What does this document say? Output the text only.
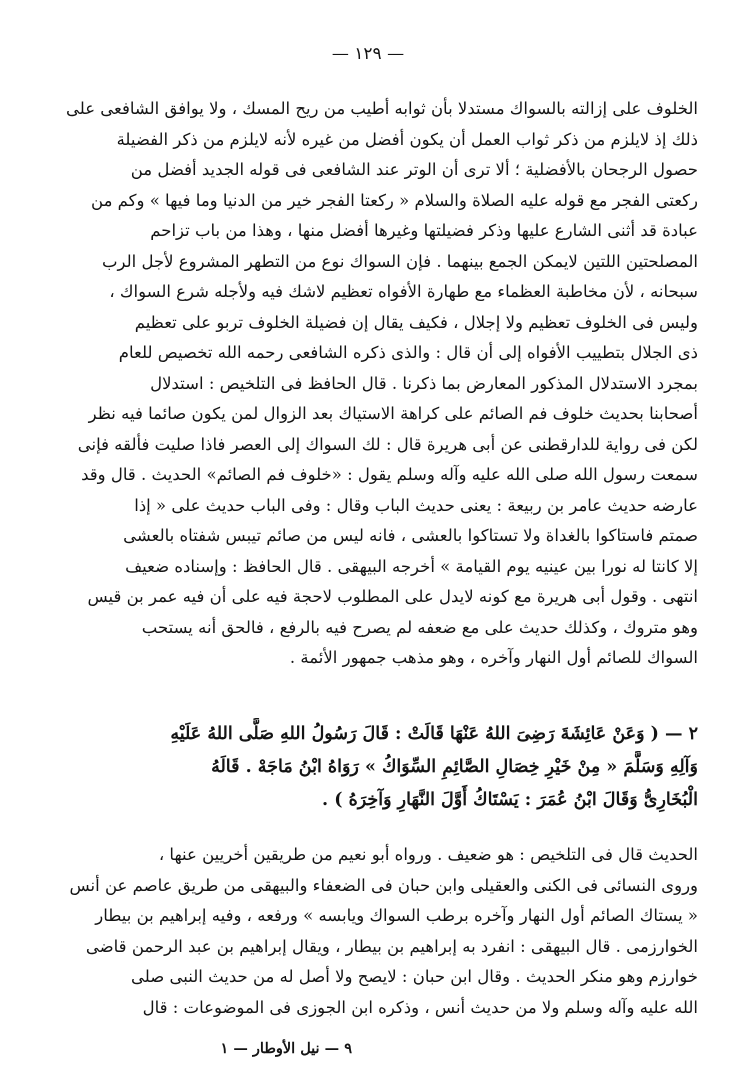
— ١٢٩ —
الخلوف على إزالته بالسواك مستدلا بأن ثوابه أطيب من ريح المسك ، ولا يوافق الشافعى على
ذلك إذ لايلزم من ذكر ثواب العمل أن يكون أفضل من غيره لأنه لايلزم من ذكر الفضيلة
حصول الرجحان بالأفضلية ؛ ألا ترى أن الوتر عند الشافعى فى قوله الجديد أفضل من
ركعتى الفجر مع قوله عليه الصلاة والسلام « ركعتا الفجر خير من الدنيا وما فيها » وكم من
عبادة قد أثنى الشارع عليها وذكر فضيلتها وغيرها أفضل منها ، وهذا من باب تزاحم
المصلحتين اللتين لايمكن الجمع بينهما . فإن السواك نوع من التطهر المشروع لأجل الرب
سبحانه ، لأن مخاطبة العظماء مع طهارة الأفواه تعظيم لاشك فيه ولأجله شرع السواك ،
وليس فى الخلوف تعظيم ولا إجلال ، فكيف يقال إن فضيلة الخلوف تربو على تعظيم
ذى الجلال بتطييب الأفواه إلى أن قال : والذى ذكره الشافعى رحمه الله تخصيص للعام
بمجرد الاستدلال المذكور المعارض بما ذكرنا . قال الحافظ فى التلخيص : استدلال
أصحابنا بحديث خلوف فم الصائم على كراهة الاستياك بعد الزوال لمن يكون صائما فيه نظر
لكن فى رواية للدارقطنى عن أبى هريرة قال : لك السواك إلى العصر فاذا صليت فألقه فإنى
سمعت رسول الله صلى الله عليه وآله وسلم يقول : «خلوف فم الصائم» الحديث . قال وقد
عارضه حديث عامر بن ربيعة : يعنى حديث الباب وقال : وفى الباب حديث على « إذا
صمتم فاستاكوا بالغداة ولا تستاكوا بالعشى ، فانه ليس من صائم تيبس شفتاه بالعشى
إلا كانتا له نورا بين عينيه يوم القيامة » أخرجه البيهقى . قال الحافظ : وإسناده ضعيف
انتهى . وقول أبى هريرة مع كونه لايدل على المطلوب لاحجة فيه على أن فيه عمر بن قيس
وهو متروك ، وكذلك حديث على مع ضعفه لم يصرح فيه بالرفع ، فالحق أنه يستحب
السواك للصائم أول النهار وآخره ، وهو مذهب جمهور الأئمة .
٢ — ( وَعَنْ عَائِشَةَ رَضِىَ اللهُ عَنْهَا قَالَتْ : قَالَ رَسُولُ اللهِ صَلَّى اللهُ عَلَيْهِ
وَآلِهِ وَسَلَّمَ « مِنْ خَيْرِ خِصَالِ الصَّائِمِ السِّوَاكُ » رَوَاهُ ابْنُ مَاجَهْ . قَالَهُ
الْبُخَارِىُّ وَقَالَ ابْنُ عُمَرَ : يَسْتَاكُ أَوَّلَ النَّهَارِ وَآخِرَهُ ) .
الحديث قال فى التلخيص : هو ضعيف . ورواه أبو نعيم من طريقين أخريين عنها ،
وروى النسائى فى الكنى والعقيلى وابن حبان فى الضعفاء والبيهقى من طريق عاصم عن أنس
« يستاك الصائم أول النهار وآخره برطب السواك ويابسه » ورفعه ، وفيه إبراهيم بن بيطار
الخوارزمى . قال البيهقى : انفرد به إبراهيم بن بيطار ، ويقال إبراهيم بن عبد الرحمن قاضى
خوارزم وهو منكر الحديث . وقال ابن حبان : لايصح ولا أصل له من حديث النبى صلى
الله عليه وآله وسلم ولا من حديث أنس ، وذكره ابن الجوزى فى الموضوعات : قال
٩ — نيل الأوطار — ١
